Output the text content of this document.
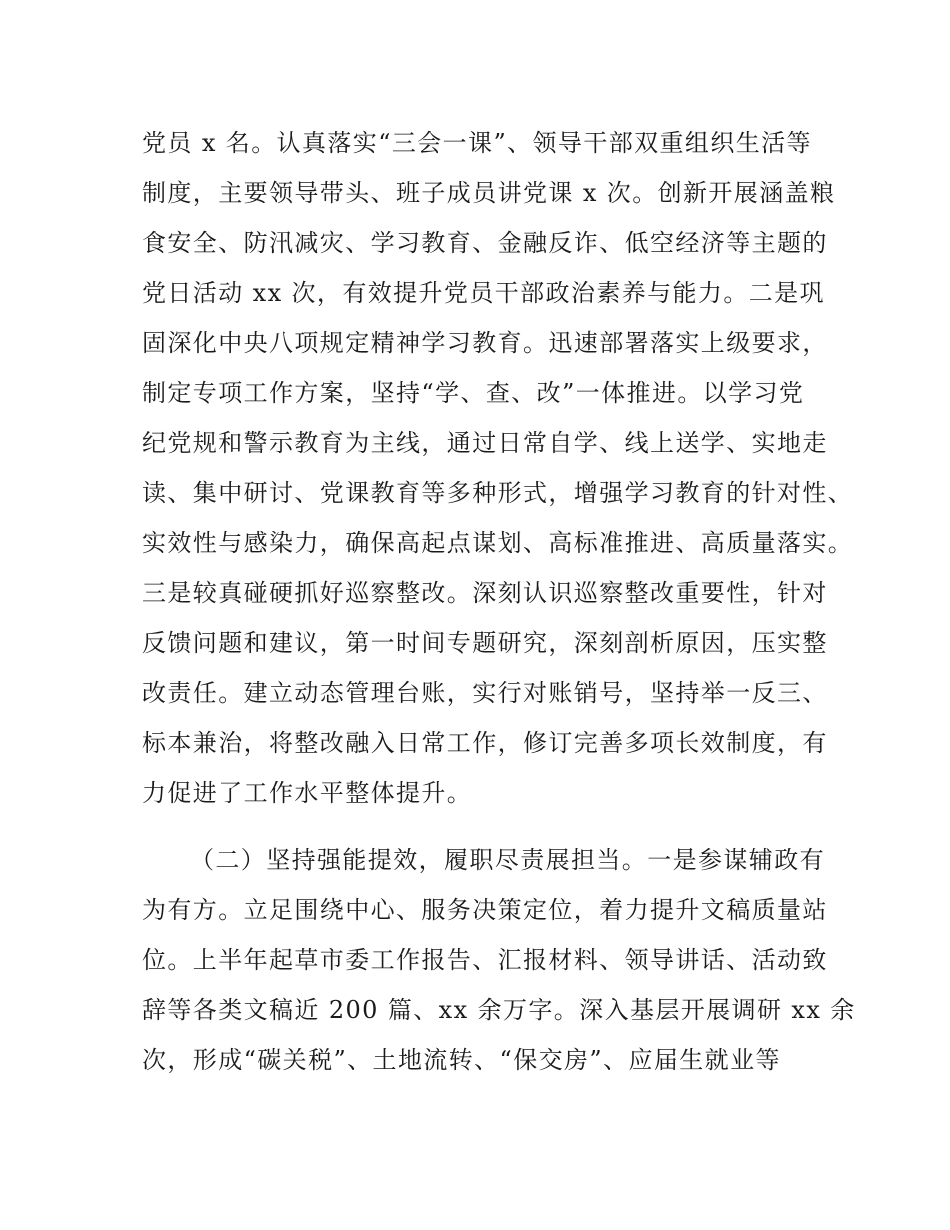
党员 x 名。认真落实“三会一课”、领导干部双重组织生活等
制度，主要领导带头、班子成员讲党课 x 次。创新开展涵盖粮
食安全、防汛减灾、学习教育、金融反诈、低空经济等主题的
党日活动 xx 次，有效提升党员干部政治素养与能力。二是巩
固深化中央八项规定精神学习教育。迅速部署落实上级要求，
制定专项工作方案，坚持“学、查、改”一体推进。以学习党
纪党规和警示教育为主线，通过日常自学、线上送学、实地走
读、集中研讨、党课教育等多种形式，增强学习教育的针对性、
实效性与感染力，确保高起点谋划、高标准推进、高质量落实。
三是较真碰硬抓好巡察整改。深刻认识巡察整改重要性，针对
反馈问题和建议，第一时间专题研究，深刻剖析原因，压实整
改责任。建立动态管理台账，实行对账销号，坚持举一反三、
标本兼治，将整改融入日常工作，修订完善多项长效制度，有
力促进了工作水平整体提升。
（二）坚持强能提效，履职尽责展担当。一是参谋辅政有
为有方。立足围绕中心、服务决策定位，着力提升文稿质量站
位。上半年起草市委工作报告、汇报材料、领导讲话、活动致
辞等各类文稿近 200 篇、xx 余万字。深入基层开展调研 xx 余
次，形成“碳关税”、土地流转、“保交房”、应届生就业等
